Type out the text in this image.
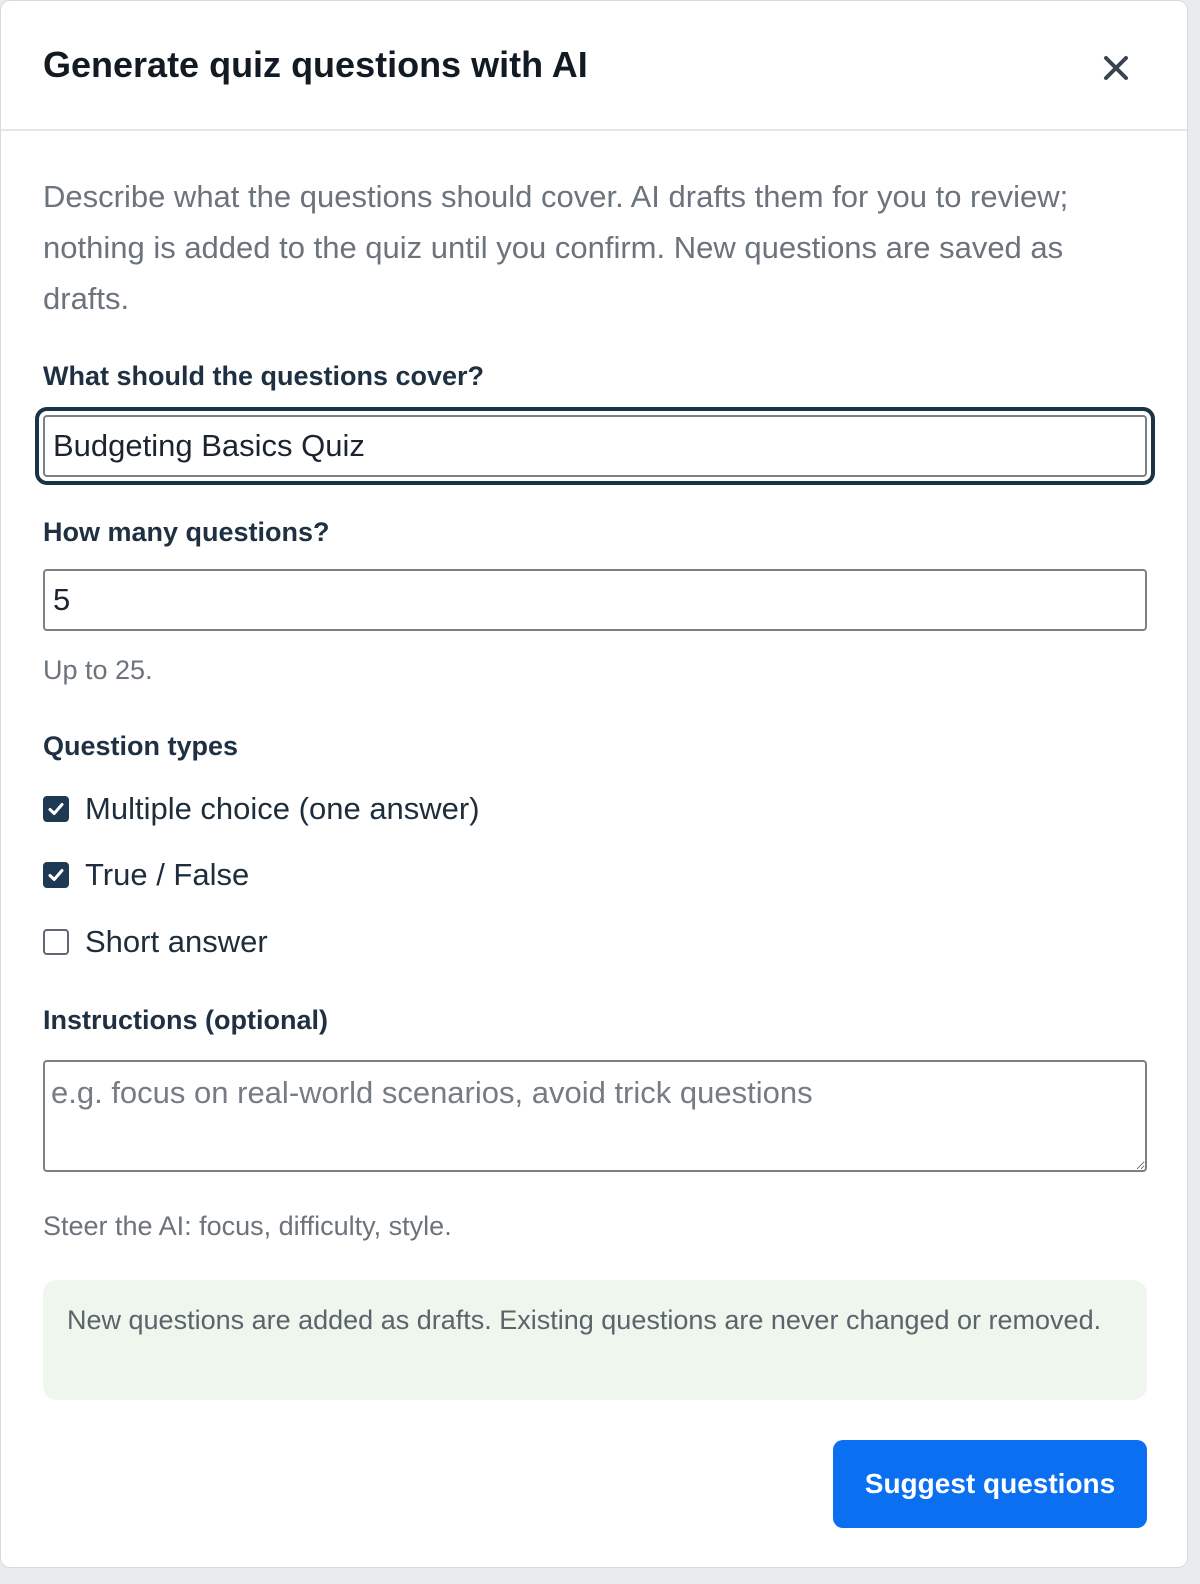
Generate quiz questions with AI

Describe what the questions should cover. AI drafts them for you to review; nothing is added to the quiz until you confirm. New questions are saved as drafts.

What should the questions cover?
Budgeting Basics Quiz
How many questions?
5
Up to 25.
Question types
Multiple choice (one answer)
True / False
Short answer
Instructions (optional)
e.g. focus on real-world scenarios, avoid trick questions
Steer the AI: focus, difficulty, style.
New questions are added as drafts. Existing questions are never changed or removed.
Suggest questions
